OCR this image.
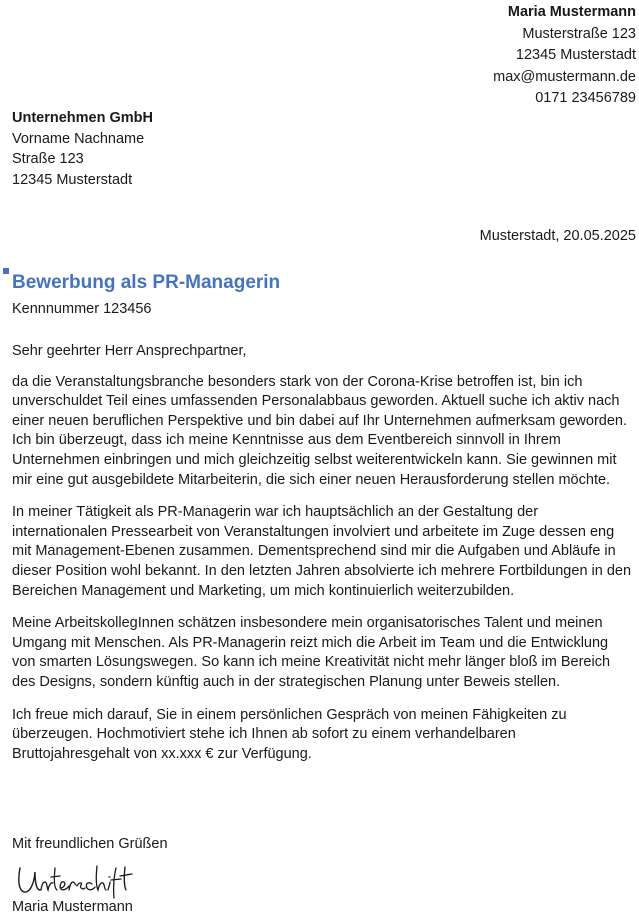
Maria Mustermann
Musterstraße 123
12345 Musterstadt
max@mustermann.de
0171 23456789
Unternehmen GmbH
Vorname Nachname
Straße 123
12345 Musterstadt
Musterstadt, 20.05.2025
Bewerbung als PR-Managerin
Kennnummer 123456

Sehr geehrter Herr Ansprechpartner,

da die Veranstaltungsbranche besonders stark von der Corona-Krise betroffen ist, bin ich unverschuldet Teil eines umfassenden Personalabbaus geworden. Aktuell suche ich aktiv nach einer neuen beruflichen Perspektive und bin dabei auf Ihr Unternehmen aufmerksam geworden. Ich bin überzeugt, dass ich meine Kenntnisse aus dem Eventbereich sinnvoll in Ihrem Unternehmen einbringen und mich gleichzeitig selbst weiterentwickeln kann. Sie gewinnen mit mir eine gut ausgebildete Mitarbeiterin, die sich einer neuen Herausforderung stellen möchte.

In meiner Tätigkeit als PR-Managerin war ich hauptsächlich an der Gestaltung der internationalen Pressearbeit von Veranstaltungen involviert und arbeitete im Zuge dessen eng mit Management-Ebenen zusammen. Dementsprechend sind mir die Aufgaben und Abläufe in dieser Position wohl bekannt. In den letzten Jahren absolvierte ich mehrere Fortbildungen in den Bereichen Management und Marketing, um mich kontinuierlich weiterzubilden.

Meine ArbeitskollegInnen schätzen insbesondere mein organisatorisches Talent und meinen Umgang mit Menschen. Als PR-Managerin reizt mich die Arbeit im Team und die Entwicklung von smarten Lösungswegen. So kann ich meine Kreativität nicht mehr länger bloß im Bereich des Designs, sondern künftig auch in der strategischen Planung unter Beweis stellen.

Ich freue mich darauf, Sie in einem persönlichen Gespräch von meinen Fähigkeiten zu überzeugen. Hochmotiviert stehe ich Ihnen ab sofort zu einem verhandelbaren Bruttojahresgehalt von xx.xxx € zur Verfügung.

Mit freundlichen Grüßen
Maria Mustermann
